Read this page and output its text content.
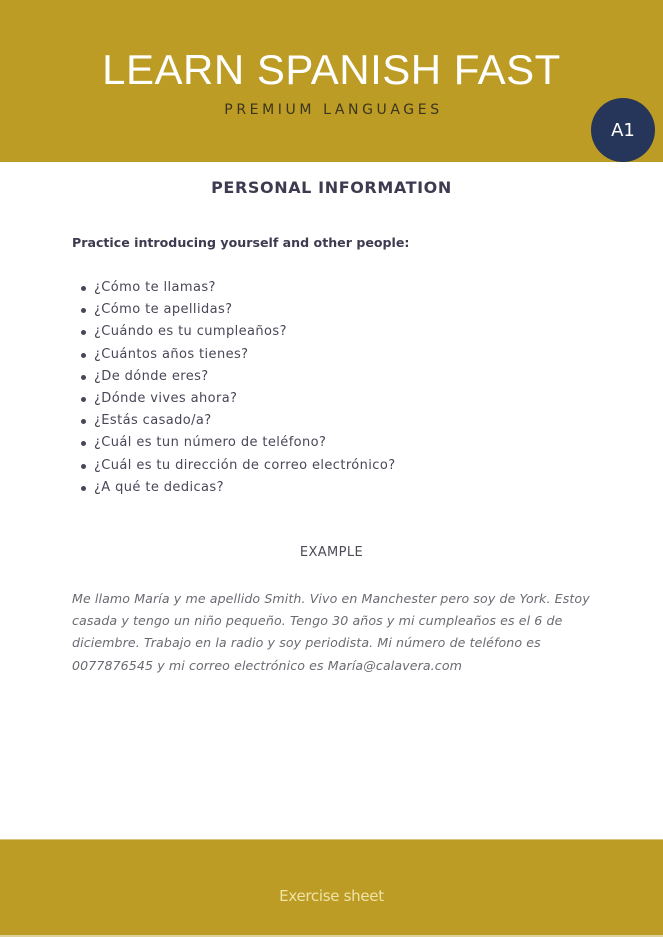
LEARN SPANISH FAST
PREMIUM LANGUAGES
A1
PERSONAL INFORMATION
Practice introducing yourself and other people:
¿Cómo te llamas?
¿Cómo te apellidas?
¿Cuándo es tu cumpleaños?
¿Cuántos años tienes?
¿De dónde eres?
¿Dónde vives ahora?
¿Estás casado/a?
¿Cuál es tun número de teléfono?
¿Cuál es tu dirección de correo electrónico?
¿A qué te dedicas?
EXAMPLE

Me llamo María y me apellido Smith. Vivo en Manchester pero soy de York. Estoy casada y tengo un niño pequeño. Tengo 30 años y mi cumpleaños es el 6 de diciembre. Trabajo en la radio y soy periodista. Mi número de teléfono es 0077876545 y mi correo electrónico es María@calavera.com

Exercise sheet
